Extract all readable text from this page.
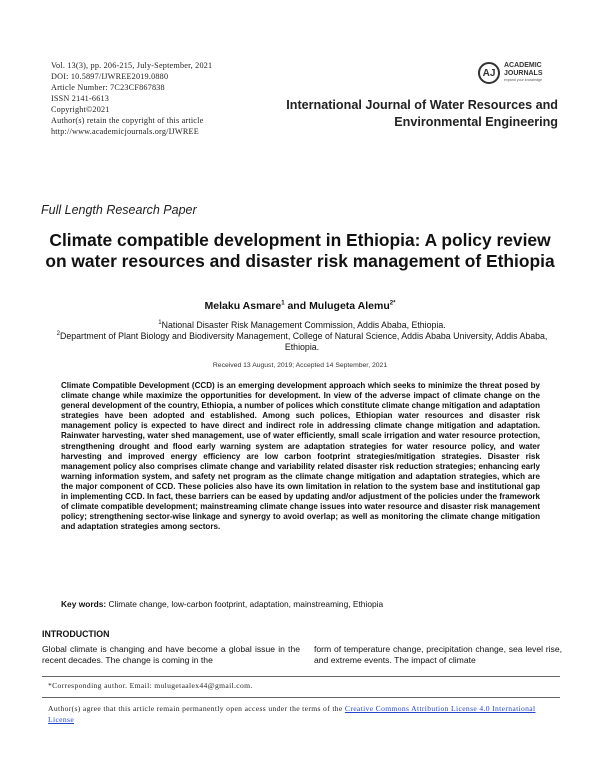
Vol. 13(3), pp. 206-215, July-September, 2021
DOI: 10.5897/IJWREE2019.0880
Article Number: 7C23CF867838
ISSN 2141-6613
Copyright©2021
Author(s) retain the copyright of this article
http://www.academicjournals.org/IJWREE
AJ
ACADEMIC
JOURNALS
expand your knowledge
International Journal of Water Resources and
Environmental Engineering
Full Length Research Paper
Climate compatible development in Ethiopia: A policy review on water resources and disaster risk management of Ethiopia
Melaku Asmare$^1$ and Mulugeta Alemu$^{2*}$
$^1$National Disaster Risk Management Commission, Addis Ababa, Ethiopia.
$^2$Department of Plant Biology and Biodiversity Management, College of Natural Science, Addis Ababa University, Addis Ababa, Ethiopia.
Received 13 August, 2019; Accepted 14 September, 2021
Climate Compatible Development (CCD) is an emerging development approach which seeks to minimize the threat posed by climate change while maximize the opportunities for development. In view of the adverse impact of climate change on the general development of the country, Ethiopia, a number of polices which constitute climate change mitigation and adaptation strategies have been adopted and established. Among such polices, Ethiopian water resources and disaster risk management policy is expected to have direct and indirect role in addressing climate change mitigation and adaptation. Rainwater harvesting, water shed management, use of water efficiently, small scale irrigation and water resource protection, strengthening drought and flood early warning system are adaptation strategies for water resource policy, and water harvesting and improved energy efficiency are low carbon footprint strategies/mitigation strategies. Disaster risk management policy also comprises climate change and variability related disaster risk reduction strategies; enhancing early warning information system, and safety net program as the climate change mitigation and adaptation strategies, which are the major component of CCD. These policies also have its own limitation in relation to the system base and institutional gap in implementing CCD. In fact, these barriers can be eased by updating and/or adjustment of the policies under the framework of climate compatible development; mainstreaming climate change issues into water resource and disaster risk management policy; strengthening sector-wise linkage and synergy to avoid overlap; as well as monitoring the climate change mitigation and adaptation strategies among sectors.
Key words: Climate change, low-carbon footprint, adaptation, mainstreaming, Ethiopia
INTRODUCTION
Global climate is changing and have become a global issue in the recent decades. The change is coming in the
form of temperature change, precipitation change, sea level rise, and extreme events. The impact of climate
*Corresponding author. Email: mulugetaalex44@gmail.com.
Author(s) agree that this article remain permanently open access under the terms of the Creative Commons Attribution License 4.0 International License
